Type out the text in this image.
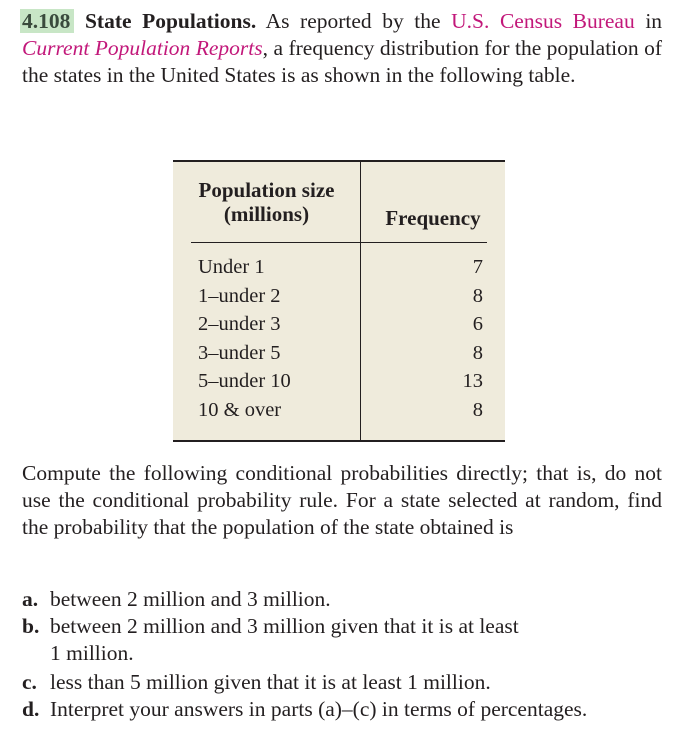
4.108 State Populations. As reported by the U.S. Census Bureau in Current Population Reports, a frequency distribution for the population of the states in the United States is as shown in the following table.
Population size
(millions)	Frequency
Under 1	7
1–under 2	8
2–under 3	6
3–under 5	8
5–under 10	13
10 & over	8
Compute the following conditional probabilities directly; that is, do not use the conditional probability rule. For a state selected at random, find the probability that the population of the state obtained is
a. between 2 million and 3 million.
b. between 2 million and 3 million given that it is at least
1 million.
c. less than 5 million given that it is at least 1 million.
d. Interpret your answers in parts (a)–(c) in terms of percentages.
